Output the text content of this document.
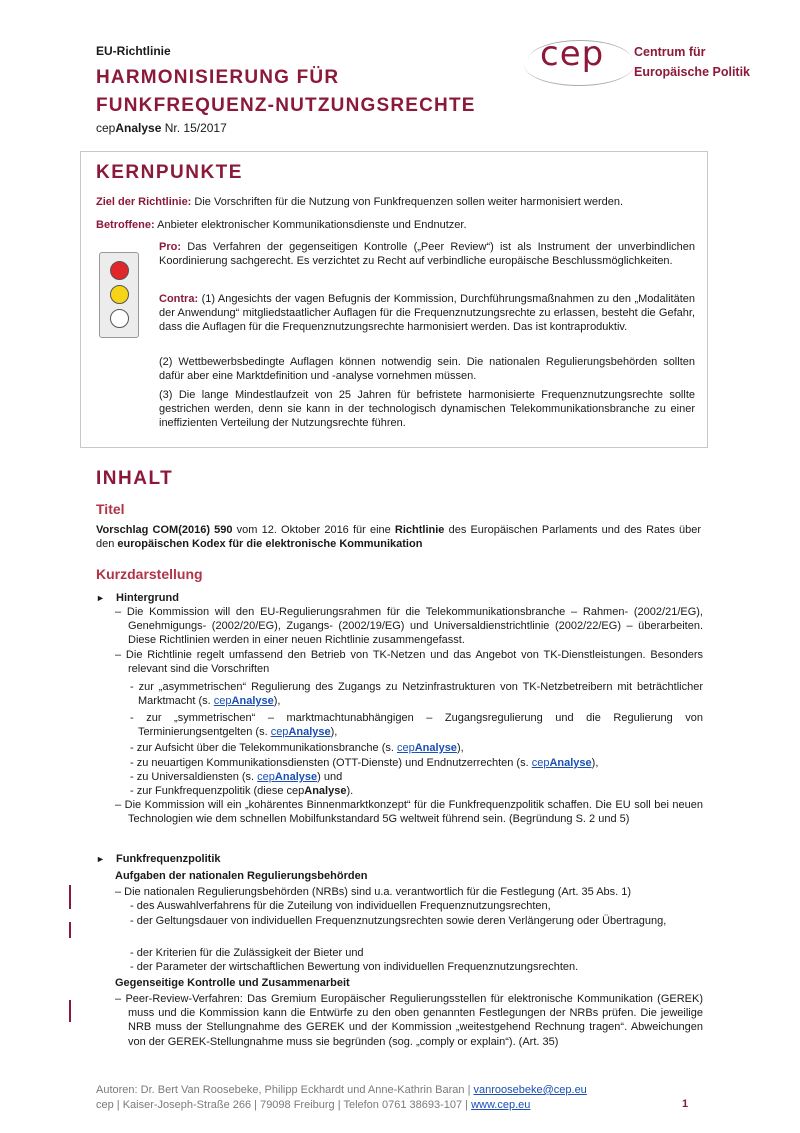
EU-Richtlinie
HARMONISIERUNG FÜR
FUNKFREQUENZ-NUTZUNGSRECHTE
cepAnalyse Nr. 15/2017
cep Centrum für
Europäische Politik
KERNPUNKTE
Ziel der Richtlinie: Die Vorschriften für die Nutzung von Funkfrequenzen sollen weiter harmonisiert werden.
Betroffene: Anbieter elektronischer Kommunikationsdienste und Endnutzer.
Pro: Das Verfahren der gegenseitigen Kontrolle („Peer Review“) ist als Instrument der unverbindlichen Koordinierung sachgerecht. Es verzichtet zu Recht auf verbindliche europäische Beschlussmöglichkeiten.
Contra: (1) Angesichts der vagen Befugnis der Kommission, Durchführungsmaßnahmen zu den „Modalitäten der Anwendung“ mitgliedstaatlicher Auflagen für die Frequenznutzungsrechte zu erlassen, besteht die Gefahr, dass die Auflagen für die Frequenznutzungsrechte harmonisiert werden. Das ist kontraproduktiv.
(2) Wettbewerbsbedingte Auflagen können notwendig sein. Die nationalen Regulierungsbehörden sollten dafür aber eine Marktdefinition und -analyse vornehmen müssen.
(3) Die lange Mindestlaufzeit von 25 Jahren für befristete harmonisierte Frequenznutzungsrechte sollte gestrichen werden, denn sie kann in der technologisch dynamischen Telekommunikationsbranche zu einer ineffizienten Verteilung der Nutzungsrechte führen.
INHALT
Titel
Vorschlag COM(2016) 590 vom 12. Oktober 2016 für eine Richtlinie des Europäischen Parlaments und des Rates über den europäischen Kodex für die elektronische Kommunikation
Kurzdarstellung
► Hintergrund
– Die Kommission will den EU-Regulierungsrahmen für die Telekommunikationsbranche – Rahmen- (2002/21/EG), Genehmigungs- (2002/20/EG), Zugangs- (2002/19/EG) und Universaldienstrichtlinie (2002/22/EG) – überarbeiten. Diese Richtlinien werden in einer neuen Richtlinie zusammengefasst.
– Die Richtlinie regelt umfassend den Betrieb von TK-Netzen und das Angebot von TK-Dienstleistungen. Besonders relevant sind die Vorschriften
- zur „asymmetrischen“ Regulierung des Zugangs zu Netzinfrastrukturen von TK-Netzbetreibern mit beträchtlicher Marktmacht (s. cepAnalyse),
- zur „symmetrischen“ – marktmachtunabhängigen – Zugangsregulierung und die Regulierung von Terminierungsentgelten (s. cepAnalyse),
- zur Aufsicht über die Telekommunikationsbranche (s. cepAnalyse),
- zu neuartigen Kommunikationsdiensten (OTT-Dienste) und Endnutzerrechten (s. cepAnalyse),
- zu Universaldiensten (s. cepAnalyse) und
- zur Funkfrequenzpolitik (diese cepAnalyse).
– Die Kommission will ein „kohärentes Binnenmarktkonzept“ für die Funkfrequenzpolitik schaffen. Die EU soll bei neuen Technologien wie dem schnellen Mobilfunkstandard 5G weltweit führend sein. (Begründung S. 2 und 5)
► Funkfrequenzpolitik
Aufgaben der nationalen Regulierungsbehörden
– Die nationalen Regulierungsbehörden (NRBs) sind u.a. verantwortlich für die Festlegung (Art. 35 Abs. 1)
- des Auswahlverfahrens für die Zuteilung von individuellen Frequenznutzungsrechten,
- der Geltungsdauer von individuellen Frequenznutzungsrechten sowie deren Verlängerung oder Übertragung,
- der Kriterien für die Zulässigkeit der Bieter und
- der Parameter der wirtschaftlichen Bewertung von individuellen Frequenznutzungsrechten.
Gegenseitige Kontrolle und Zusammenarbeit
– Peer-Review-Verfahren: Das Gremium Europäischer Regulierungsstellen für elektronische Kommunikation (GEREK) muss und die Kommission kann die Entwürfe zu den oben genannten Festlegungen der NRBs prüfen. Die jeweilige NRB muss der Stellungnahme des GEREK und der Kommission „weitestgehend Rechnung tragen“. Abweichungen von der GEREK-Stellungnahme muss sie begründen (sog. „comply or explain“). (Art. 35)
Autoren: Dr. Bert Van Roosebeke, Philipp Eckhardt und Anne-Kathrin Baran | vanroosebeke@cep.eu
cep | Kaiser-Joseph-Straße 266 | 79098 Freiburg | Telefon 0761 38693-107 | www.cep.eu	1
